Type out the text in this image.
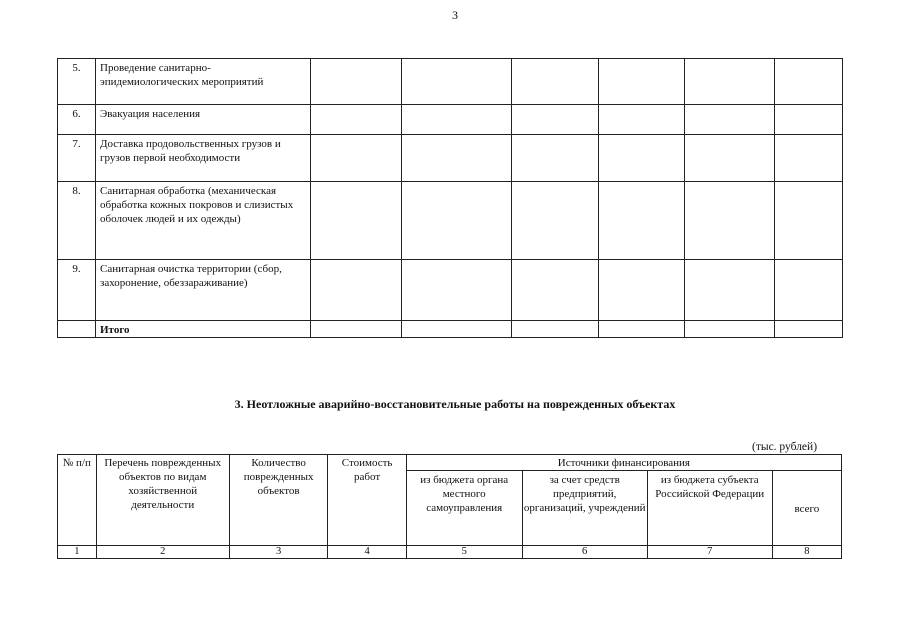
3
5.	Проведение санитарно-эпидемиологических мероприятий						
6.	Эвакуация населения						
7.	Доставка продовольственных грузов и грузов первой необходимости						
8.	Санитарная обработка (механическая обработка кожных покровов и слизистых оболочек людей и их одежды)						
9.	Санитарная очистка территории (сбор, захоронение, обеззараживание)						
	Итого						
3. Неотложные аварийно-восстановительные работы на поврежденных объектах
(тыс. рублей)
№ п/п	Перечень поврежденных объектов по видам хозяйственной деятельности	Количество поврежденных объектов	Стоимость работ	Источники финансирования			
				из бюджета органа местного самоуправления	за счет средств предприятий, организаций, учреждений	из бюджета субъекта Российской Федерации	всего
1	2	3	4	5	6	7	8
